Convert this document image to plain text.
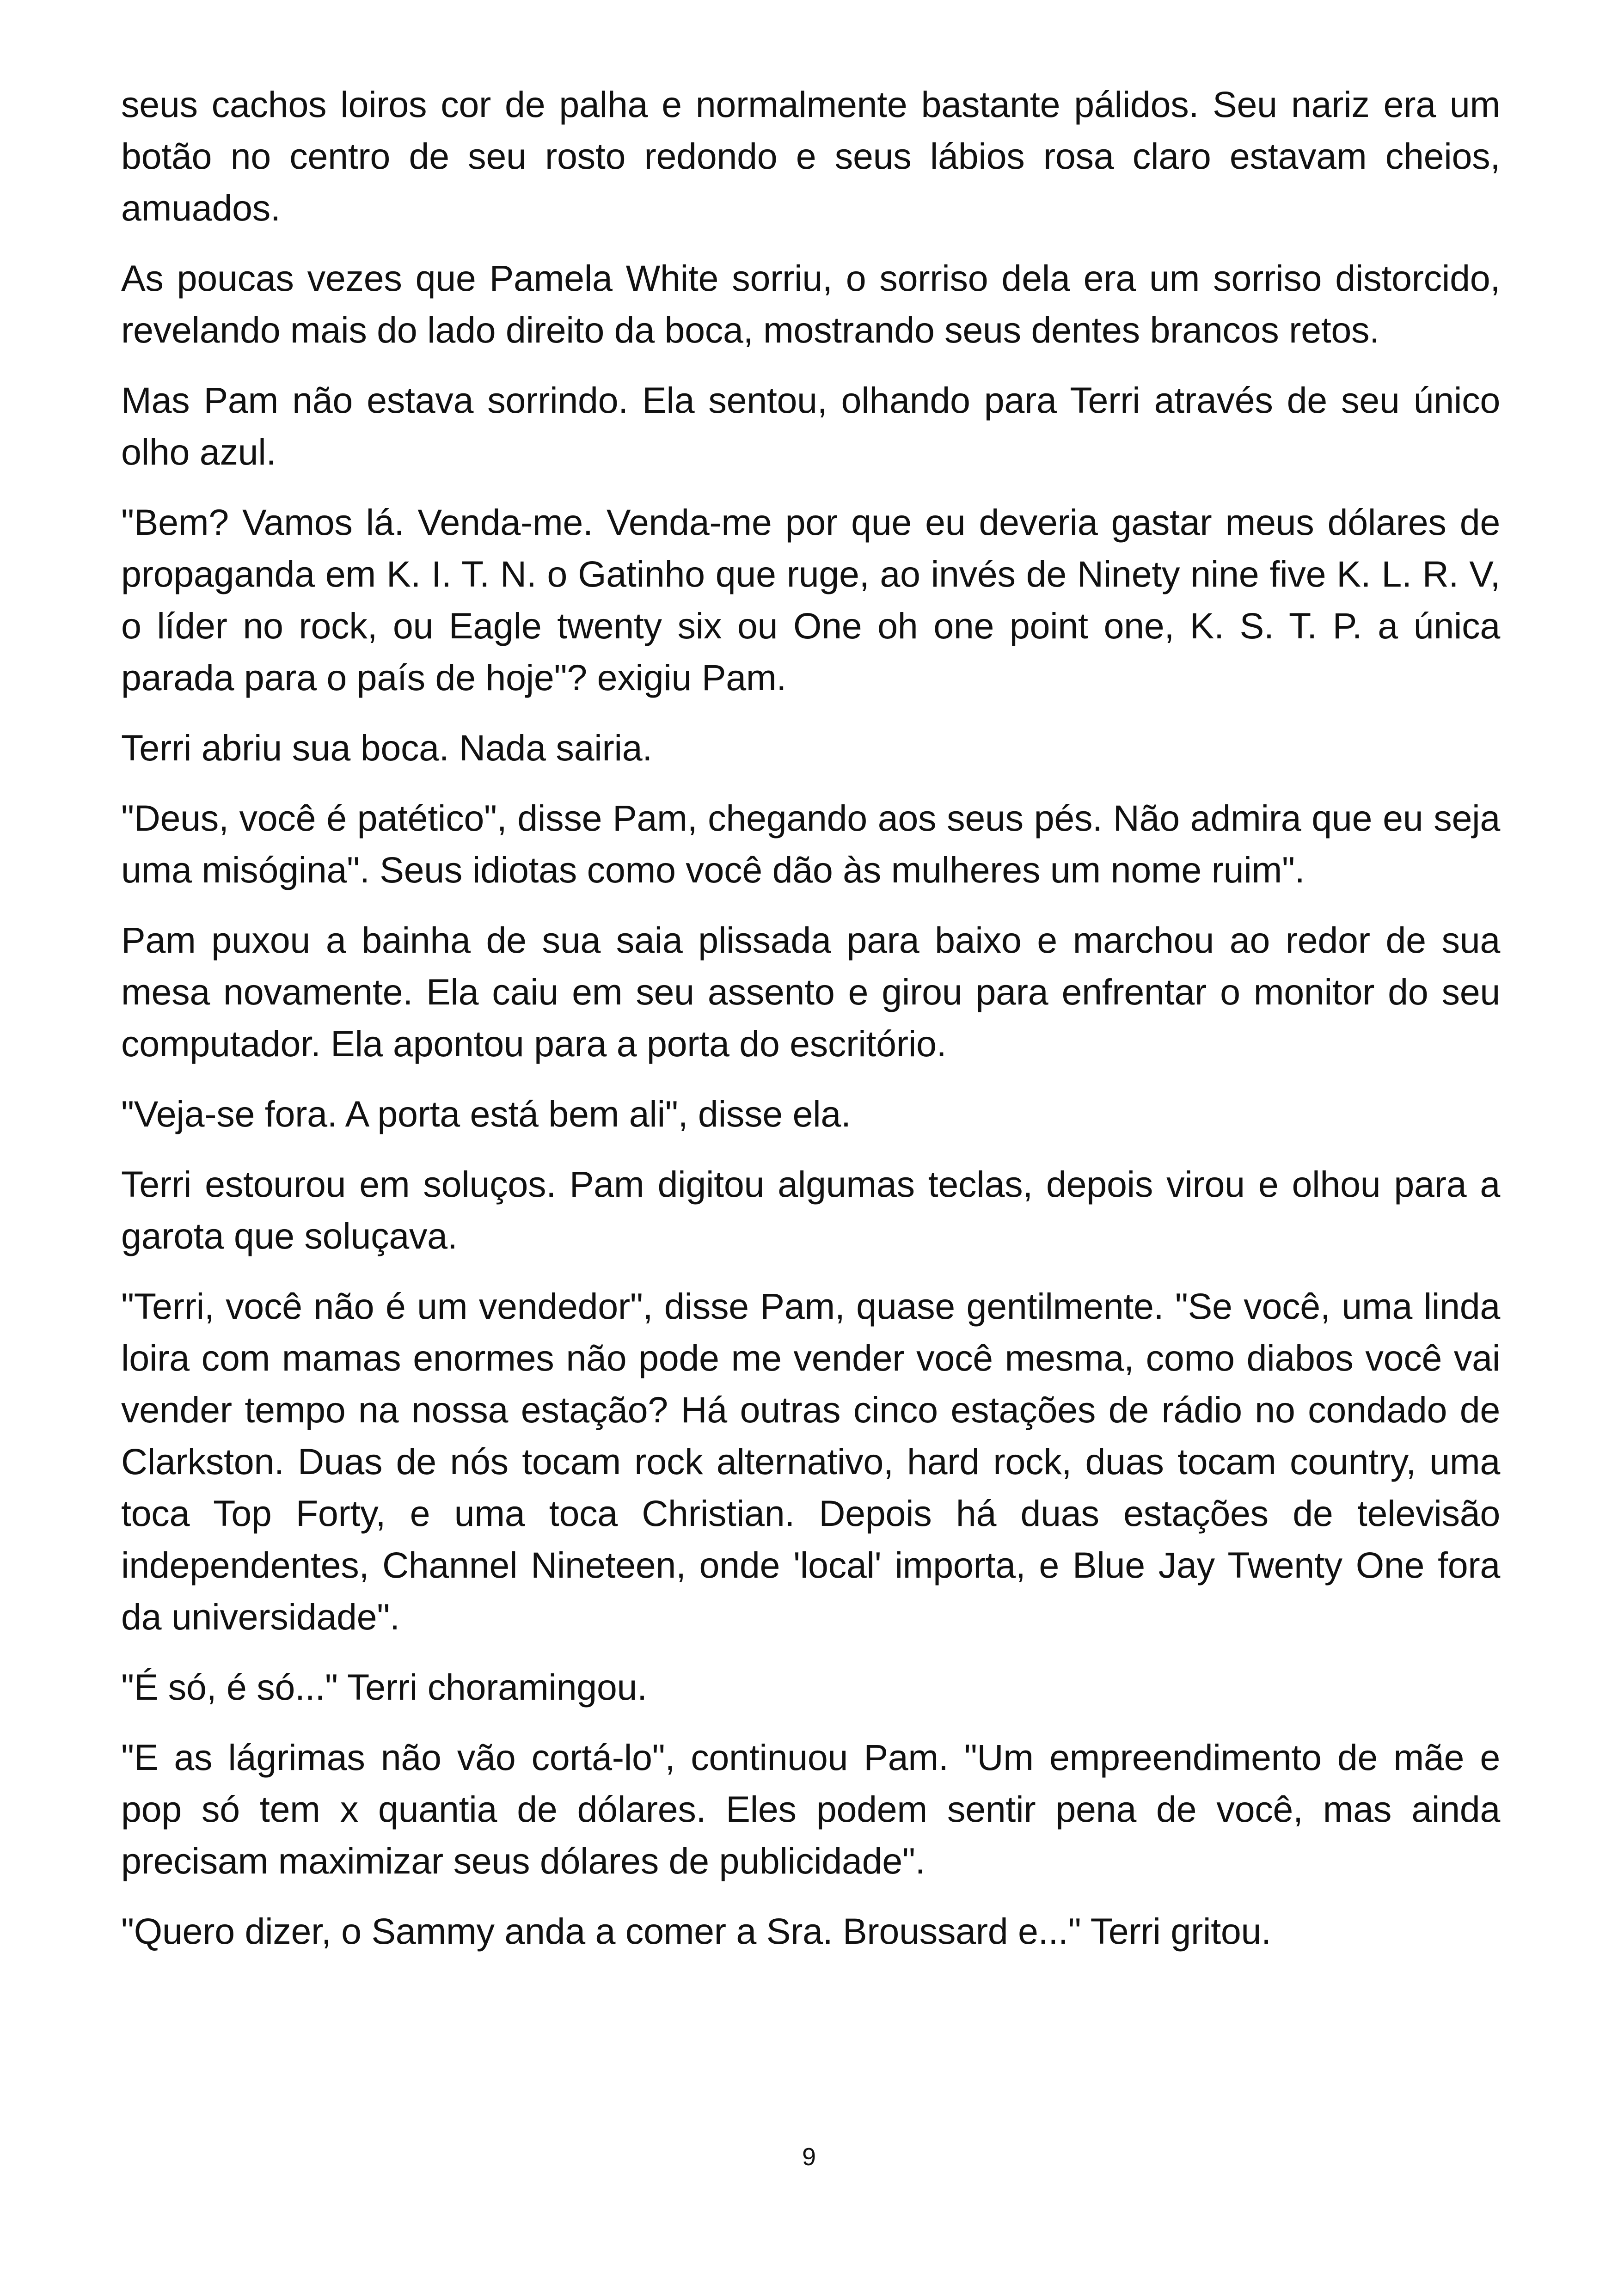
seus cachos loiros cor de palha e normalmente bastante pálidos. Seu nariz era um botão no centro de seu rosto redondo e seus lábios rosa claro estavam cheios, amuados.

As poucas vezes que Pamela White sorriu, o sorriso dela era um sorriso distorcido, revelando mais do lado direito da boca, mostrando seus dentes brancos retos.

Mas Pam não estava sorrindo. Ela sentou, olhando para Terri através de seu único olho azul.

"Bem? Vamos lá. Venda-me. Venda-me por que eu deveria gastar meus dólares de propaganda em K. I. T. N. o Gatinho que ruge, ao invés de Ninety nine five K. L. R. V, o líder no rock, ou Eagle twenty six ou One oh one point one, K. S. T. P. a única parada para o país de hoje"? exigiu Pam.

Terri abriu sua boca. Nada sairia.

"Deus, você é patético", disse Pam, chegando aos seus pés. Não admira que eu seja uma misógina". Seus idiotas como você dão às mulheres um nome ruim".

Pam puxou a bainha de sua saia plissada para baixo e marchou ao redor de sua mesa novamente. Ela caiu em seu assento e girou para enfrentar o monitor do seu computador. Ela apontou para a porta do escritório.

"Veja-se fora. A porta está bem ali", disse ela.

Terri estourou em soluços. Pam digitou algumas teclas, depois virou e olhou para a garota que soluçava.

"Terri, você não é um vendedor", disse Pam, quase gentilmente. "Se você, uma linda loira com mamas enormes não pode me vender você mesma, como diabos você vai vender tempo na nossa estação? Há outras cinco estações de rádio no condado de Clarkston. Duas de nós tocam rock alternativo, hard rock, duas tocam country, uma toca Top Forty, e uma toca Christian. Depois há duas estações de televisão independentes, Channel Nineteen, onde 'local' importa, e Blue Jay Twenty One fora da universidade".

"É só, é só..." Terri choramingou.

"E as lágrimas não vão cortá-lo", continuou Pam. "Um empreendimento de mãe e pop só tem x quantia de dólares. Eles podem sentir pena de você, mas ainda precisam maximizar seus dólares de publicidade".

"Quero dizer, o Sammy anda a comer a Sra. Broussard e..." Terri gritou.

9
